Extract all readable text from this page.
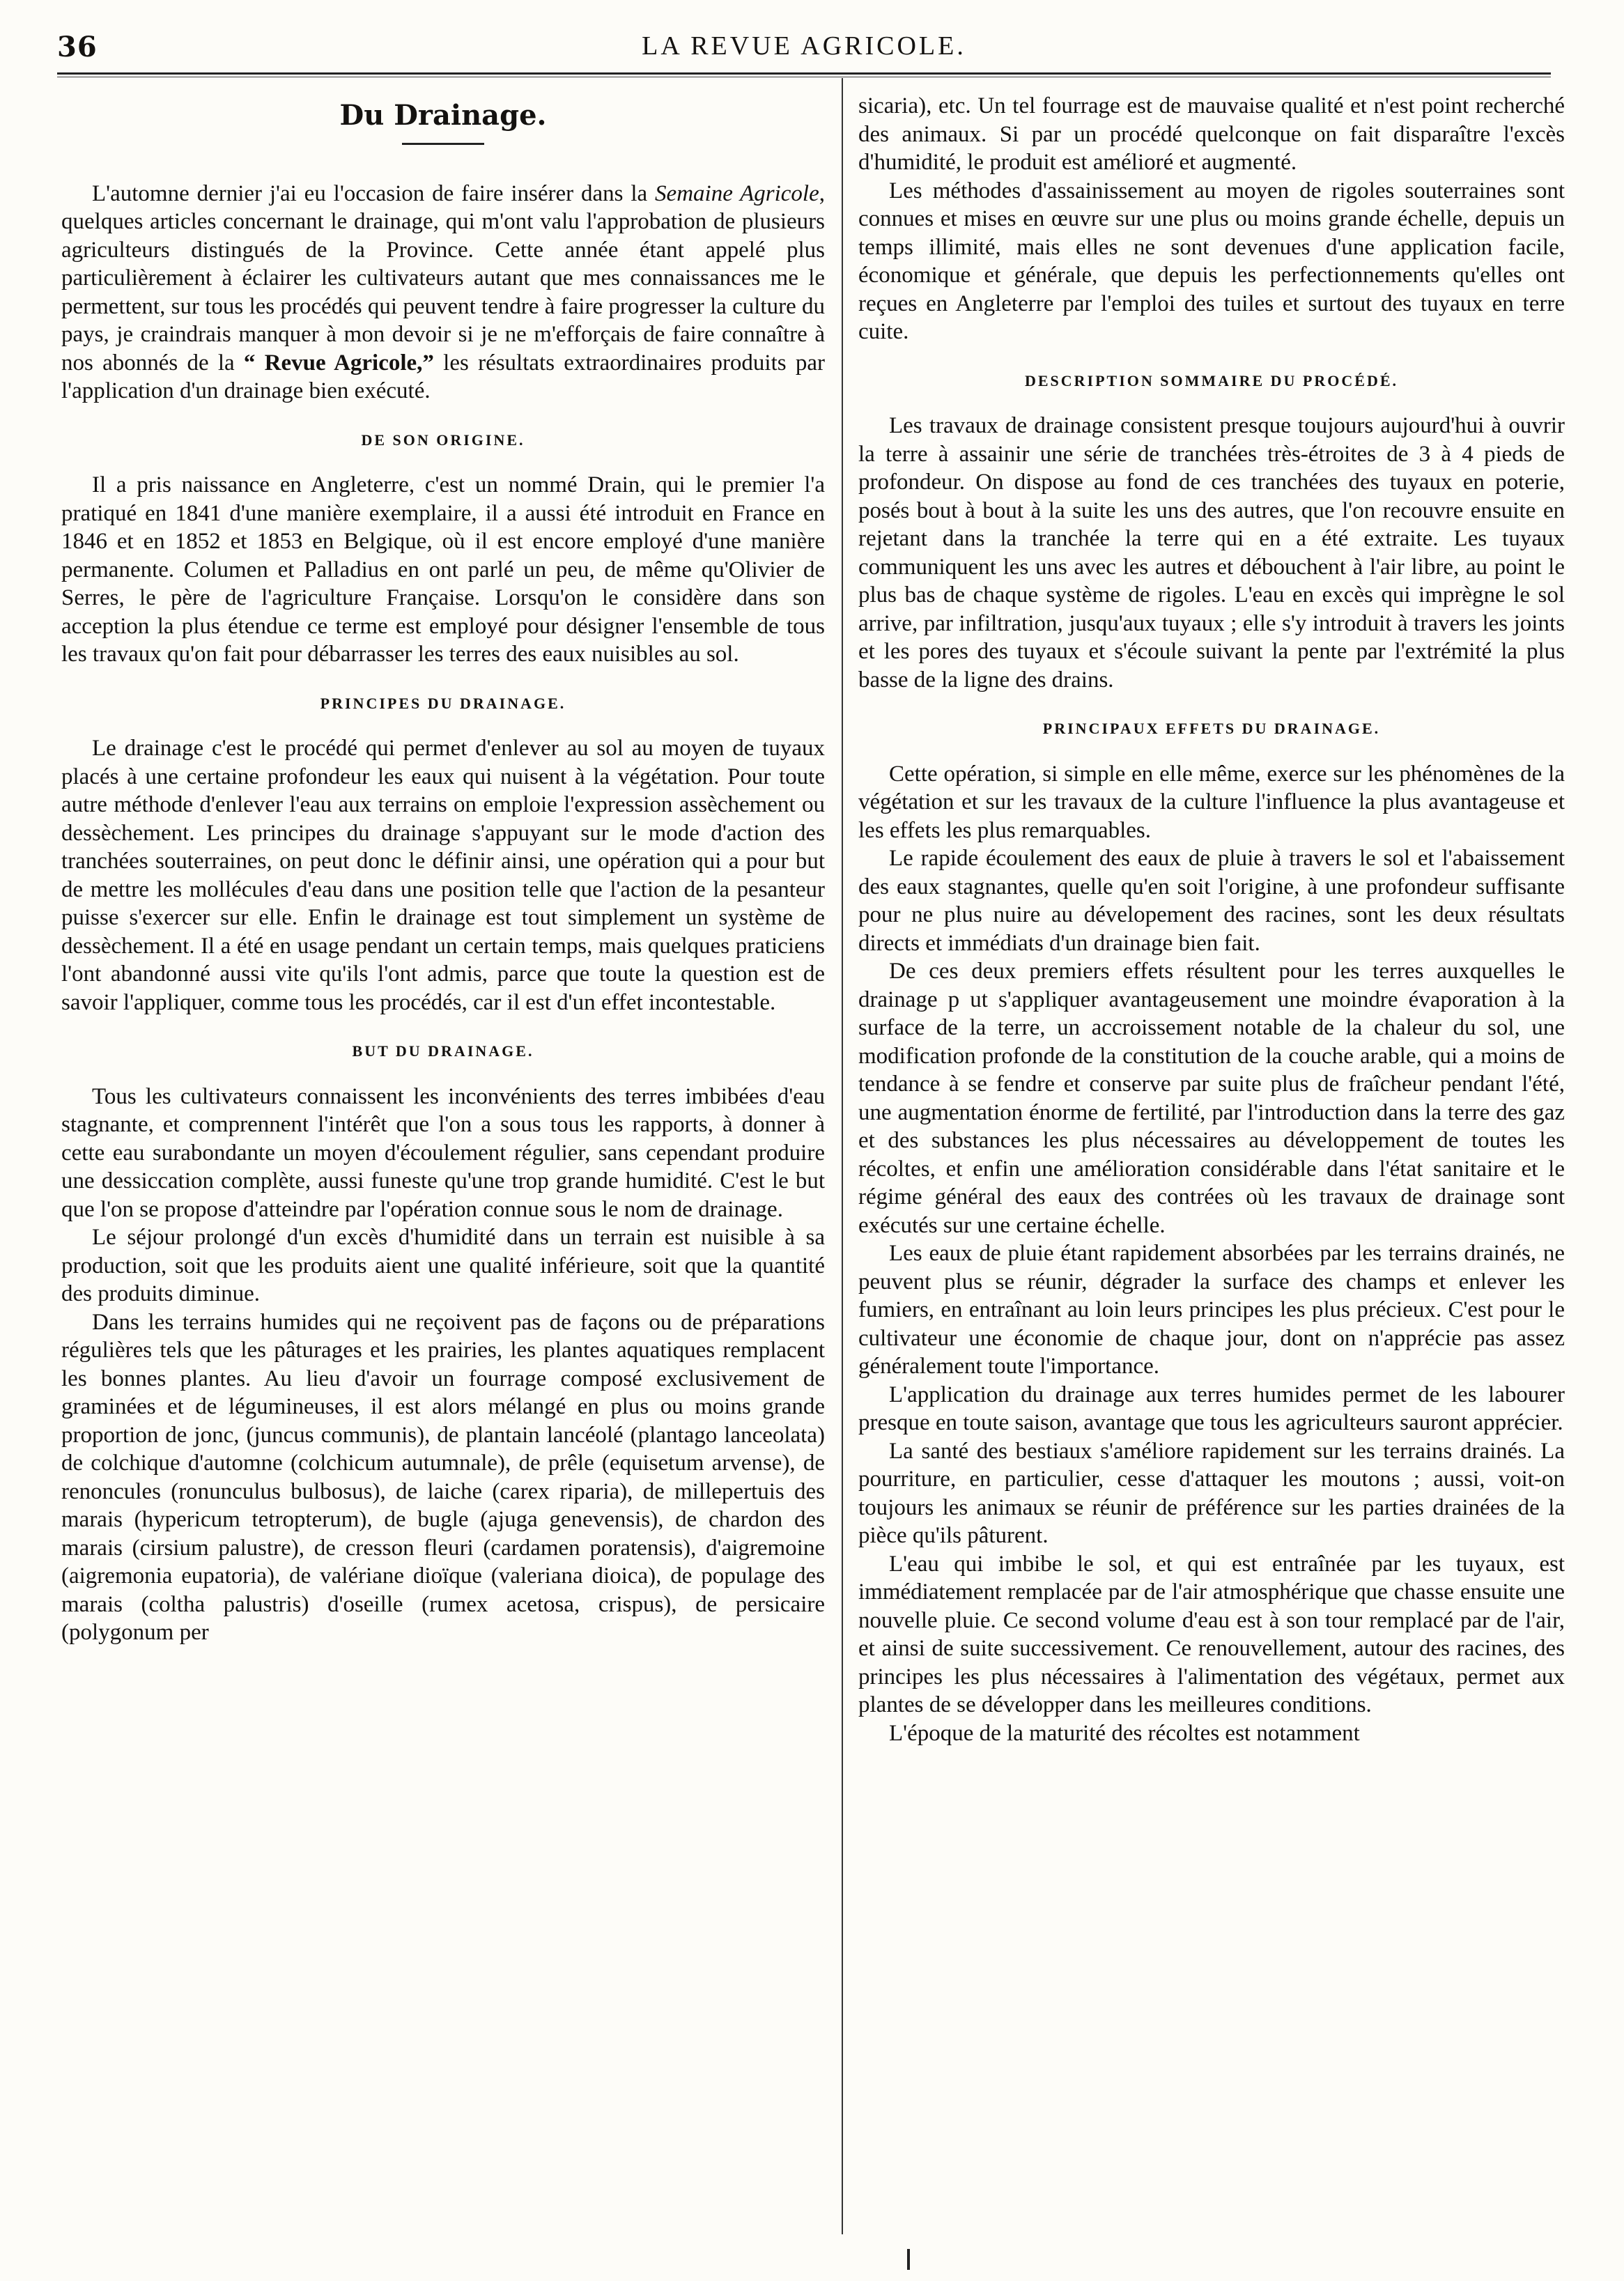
36	LA REVUE AGRICOLE.
Du Drainage.

L'automne dernier j'ai eu l'occasion de faire insérer dans la Semaine Agricole, quelques articles concernant le drainage, qui m'ont valu l'approbation de plusieurs agriculteurs distingués de la Province. Cette année étant appelé plus particulièrement à éclairer les cultivateurs autant que mes connaissances me le permettent, sur tous les procédés qui peuvent tendre à faire progresser la culture du pays, je craindrais manquer à mon devoir si je ne m'efforçais de faire connaître à nos abonnés de la “ Revue Agricole,” les résultats extraordinaires produits par l'application d'un drainage bien exécuté.

DE SON ORIGINE.

Il a pris naissance en Angleterre, c'est un nommé Drain, qui le premier l'a pratiqué en 1841 d'une manière exemplaire, il a aussi été introduit en France en 1846 et en 1852 et 1853 en Belgique, où il est encore employé d'une manière permanente. Columen et Palladius en ont parlé un peu, de même qu'Olivier de Serres, le père de l'agriculture Française. Lorsqu'on le considère dans son acception la plus étendue ce terme est employé pour désigner l'ensemble de tous les travaux qu'on fait pour débarrasser les terres des eaux nuisibles au sol.

PRINCIPES DU DRAINAGE.

Le drainage c'est le procédé qui permet d'enlever au sol au moyen de tuyaux placés à une certaine profondeur les eaux qui nuisent à la végétation. Pour toute autre méthode d'enlever l'eau aux terrains on emploie l'expression assèchement ou dessèchement. Les principes du drainage s'appuyant sur le mode d'action des tranchées souterraines, on peut donc le définir ainsi, une opération qui a pour but de mettre les mollécules d'eau dans une position telle que l'action de la pesanteur puisse s'exercer sur elle. Enfin le drainage est tout simplement un système de dessèchement. Il a été en usage pendant un certain temps, mais quelques praticiens l'ont abandonné aussi vite qu'ils l'ont admis, parce que toute la question est de savoir l'appliquer, comme tous les procédés, car il est d'un effet incontestable.

BUT DU DRAINAGE.

Tous les cultivateurs connaissent les inconvénients des terres imbibées d'eau stagnante, et comprennent l'intérêt que l'on a sous tous les rapports, à donner à cette eau surabondante un moyen d'écoulement régulier, sans cependant produire une dessiccation complète, aussi funeste qu'une trop grande humidité. C'est le but que l'on se propose d'atteindre par l'opération connue sous le nom de drainage.

Le séjour prolongé d'un excès d'humidité dans un terrain est nuisible à sa production, soit que les produits aient une qualité inférieure, soit que la quantité des produits diminue.

Dans les terrains humides qui ne reçoivent pas de façons ou de préparations régulières tels que les pâturages et les prairies, les plantes aquatiques remplacent les bonnes plantes. Au lieu d'avoir un fourrage composé exclusivement de graminées et de légumineuses, il est alors mélangé en plus ou moins grande proportion de jonc, (juncus communis), de plantain lancéolé (plantago lanceolata) de colchique d'automne (colchicum autumnale), de prêle (equisetum arvense), de renoncules (ronunculus bulbosus), de laiche (carex riparia), de millepertuis des marais (hypericum tetropterum), de bugle (ajuga genevensis), de chardon des marais (cirsium palustre), de cresson fleuri (cardamen poratensis), d'aigremoine (aigremonia eupatoria), de valériane dioïque (valeriana dioica), de populage des marais (coltha palustris) d'oseille (rumex acetosa, crispus), de persicaire (polygonum per

sicaria), etc. Un tel fourrage est de mauvaise qualité et n'est point recherché des animaux. Si par un procédé quelconque on fait disparaître l'excès d'humidité, le produit est amélioré et augmenté.

Les méthodes d'assainissement au moyen de rigoles souterraines sont connues et mises en œuvre sur une plus ou moins grande échelle, depuis un temps illimité, mais elles ne sont devenues d'une application facile, économique et générale, que depuis les perfectionnements qu'elles ont reçues en Angleterre par l'emploi des tuiles et surtout des tuyaux en terre cuite.

DESCRIPTION SOMMAIRE DU PROCÉDÉ.

Les travaux de drainage consistent presque toujours aujourd'hui à ouvrir la terre à assainir une série de tranchées très-étroites de 3 à 4 pieds de profondeur. On dispose au fond de ces tranchées des tuyaux en poterie, posés bout à bout à la suite les uns des autres, que l'on recouvre ensuite en rejetant dans la tranchée la terre qui en a été extraite. Les tuyaux communiquent les uns avec les autres et débouchent à l'air libre, au point le plus bas de chaque système de rigoles. L'eau en excès qui imprègne le sol arrive, par infiltration, jusqu'aux tuyaux ; elle s'y introduit à travers les joints et les pores des tuyaux et s'écoule suivant la pente par l'extrémité la plus basse de la ligne des drains.

PRINCIPAUX EFFETS DU DRAINAGE.

Cette opération, si simple en elle même, exerce sur les phénomènes de la végétation et sur les travaux de la culture l'influence la plus avantageuse et les effets les plus remarquables.

Le rapide écoulement des eaux de pluie à travers le sol et l'abaissement des eaux stagnantes, quelle qu'en soit l'origine, à une profondeur suffisante pour ne plus nuire au dévelopement des racines, sont les deux résultats directs et immédiats d'un drainage bien fait.

De ces deux premiers effets résultent pour les terres auxquelles le drainage p ut s'appliquer avantageusement une moindre évaporation à la surface de la terre, un accroissement notable de la chaleur du sol, une modification profonde de la constitution de la couche arable, qui a moins de tendance à se fendre et conserve par suite plus de fraîcheur pendant l'été, une augmentation énorme de fertilité, par l'introduction dans la terre des gaz et des substances les plus nécessaires au développement de toutes les récoltes, et enfin une amélioration considérable dans l'état sanitaire et le régime général des eaux des contrées où les travaux de drainage sont exécutés sur une certaine échelle.

Les eaux de pluie étant rapidement absorbées par les terrains drainés, ne peuvent plus se réunir, dégrader la surface des champs et enlever les fumiers, en entraînant au loin leurs principes les plus précieux. C'est pour le cultivateur une économie de chaque jour, dont on n'apprécie pas assez généralement toute l'importance.

L'application du drainage aux terres humides permet de les labourer presque en toute saison, avantage que tous les agriculteurs sauront apprécier.

La santé des bestiaux s'améliore rapidement sur les terrains drainés. La pourriture, en particulier, cesse d'attaquer les moutons ; aussi, voit-on toujours les animaux se réunir de préférence sur les parties drainées de la pièce qu'ils pâturent.

L'eau qui imbibe le sol, et qui est entraînée par les tuyaux, est immédiatement remplacée par de l'air atmosphérique que chasse ensuite une nouvelle pluie. Ce second volume d'eau est à son tour remplacé par de l'air, et ainsi de suite successivement. Ce renouvellement, autour des racines, des principes les plus nécessaires à l'alimentation des végétaux, permet aux plantes de se développer dans les meilleures conditions.

L'époque de la maturité des récoltes est notamment
